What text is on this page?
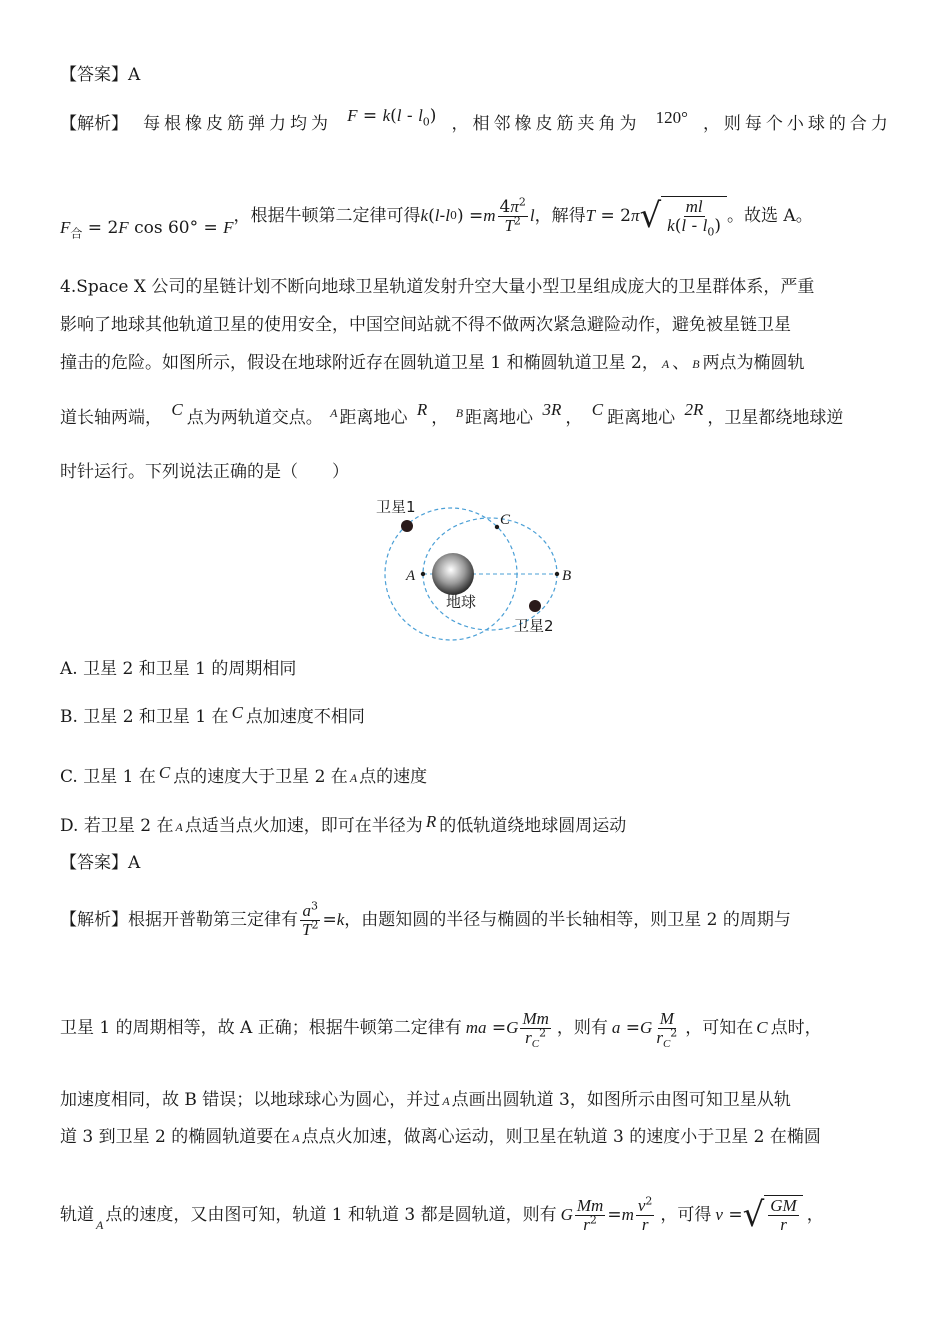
【答案】A
【解析】 每根橡皮筋弹力均为 $F = k(l - l_0)$ ，相邻橡皮筋夹角为 120° ，则每个小球的合力
$F_合 = 2F$ cos 60° = F
，根据牛顿第二定律可得 k ( l - l 0 ) = m $\frac{4\pi^2}{T^2}$ l ，解得 T = 2 π √ $\frac{ml}{k(l - l_0)}$ 。故选 A。
4.Space X 公司的星链计划不断向地球卫星轨道发射升空大量小型卫星组成庞大的卫星群体系，严重
影响了地球其他轨道卫星的使用安全，中国空间站就不得不做两次紧急避险动作，避免被星链卫星
撞击的危险。如图所示，假设在地球附近存在圆轨道卫星 1 和椭圆轨道卫星 2， A 、 B 两点为椭圆轨
道长轴两端， C 点为两轨道交点。 $^A$ 距离地心 R ， $^B$ 距离地心 3R ， C 距离地心 2R ，卫星都绕地球逆
时针运行。下列说法正确的是（　　）
卫星1
卫星2
地球
A	B
C
A. 卫星 2 和卫星 1 的周期相同
B. 卫星 2 和卫星 1 在 C 点加速度不相同
C. 卫星 1 在 C 点的速度大于卫星 2 在 A 点的速度
D. 若卫星 2 在 A 点适当点火加速，即可在半径为 R 的低轨道绕地球圆周运动
【答案】A
【解析】 根据开普勒第三定律有 $\frac{a^3}{T^2} = k$ ，由题知圆的半径与椭圆的半长轴相等，则卫星 2 的周期与
卫星 1 的周期相等，故 A 正确；根据牛顿第二定律有 ma = G $\frac{Mm}{r_C^2}$ ，则有 a = G $\frac{M}{r_C^2}$ ，可知在 C 点时，
加速度相同，故 B 错误；以地球球心为圆心，并过 A 点画出圆轨道 3，如图所示由图可知卫星从轨
道 3 到卫星 2 的椭圆轨道要在 A 点点火加速，做离心运动，则卫星在轨道 3 的速度小于卫星 2 在椭圆
轨道 A 点的速度，又由图可知，轨道 1 和轨道 3 都是圆轨道，则有 G $\frac{Mm}{r^2} = m \frac{v^2}{r}$ ，可得 v = √ $\frac{GM}{r}$ ，
